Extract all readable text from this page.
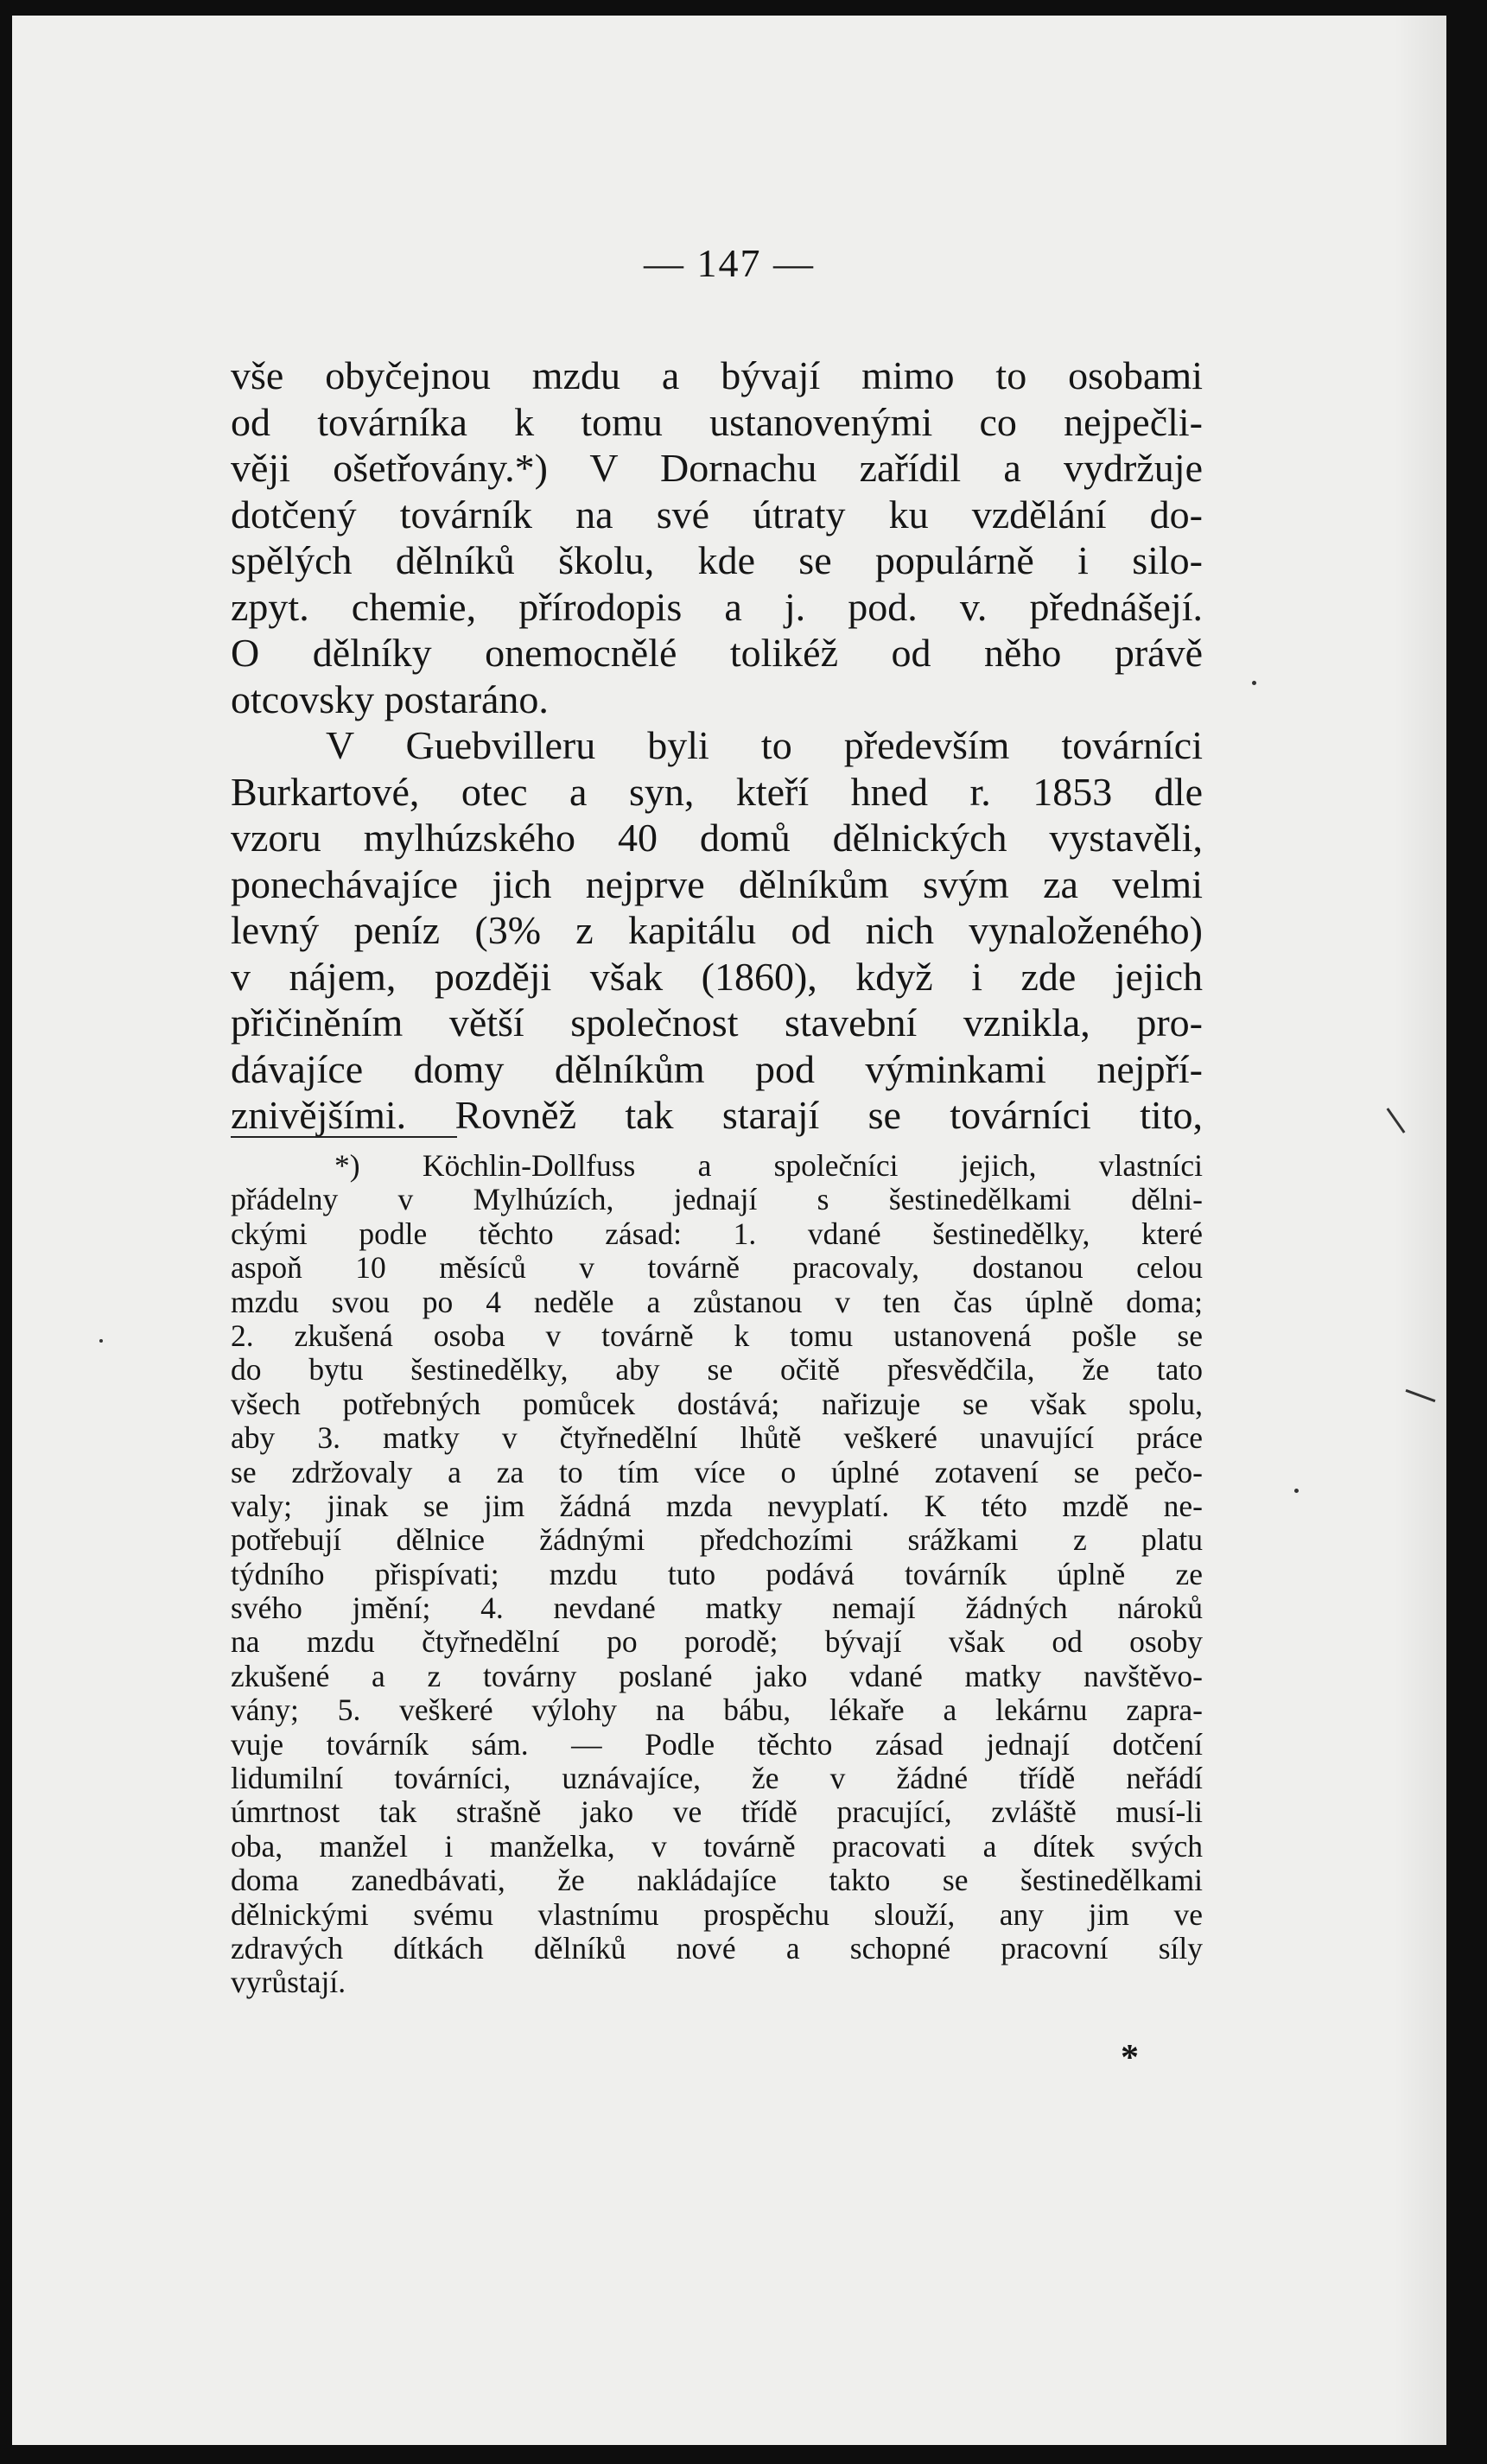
— 147 —
vše obyčejnou mzdu a bývají mimo to osobami
od továrníka k tomu ustanovenými co nejpečli-
věji ošetřovány.*) V Dornachu zařídil a vydržuje
dotčený továrník na své útraty ku vzdělání do-
spělých dělníků školu, kde se populárně i silo-
zpyt. chemie, přírodopis a j. pod. v. přednášejí.
O dělníky onemocnělé tolikéž od něho právě
otcovsky postaráno.
V Guebvilleru byli to především továrníci
Burkartové, otec a syn, kteří hned r. 1853 dle
vzoru mylhúzského 40 domů dělnických vystavěli,
ponechávajíce jich nejprve dělníkům svým za velmi
levný peníz (3% z kapitálu od nich vynaloženého)
v nájem, později však (1860), když i zde jejich
přičiněním větší společnost stavební vznikla, pro-
dávajíce domy dělníkům pod výminkami nejpří-
znivějšími. Rovněž tak starají se továrníci tito,
*) Köchlin-Dollfuss a společníci jejich, vlastníci
přádelny v Mylhúzích, jednají s šestinedělkami dělni-
ckými podle těchto zásad: 1. vdané šestinedělky, které
aspoň 10 měsíců v továrně pracovaly, dostanou celou
mzdu svou po 4 neděle a zůstanou v ten čas úplně doma;
2. zkušená osoba v továrně k tomu ustanovená pošle se
do bytu šestinedělky, aby se očitě přesvědčila, že tato
všech potřebných pomůcek dostává; nařizuje se však spolu,
aby 3. matky v čtyřnedělní lhůtě veškeré unavující práce
se zdržovaly a za to tím více o úplné zotavení se pečo-
valy; jinak se jim žádná mzda nevyplatí. K této mzdě ne-
potřebují dělnice žádnými předchozími srážkami z platu
týdního přispívati; mzdu tuto podává továrník úplně ze
svého jmění; 4. nevdané matky nemají žádných nároků
na mzdu čtyřnedělní po porodě; bývají však od osoby
zkušené a z továrny poslané jako vdané matky navštěvo-
vány; 5. veškeré výlohy na bábu, lékaře a lekárnu zapra-
vuje továrník sám. — Podle těchto zásad jednají dotčení
lidumilní továrníci, uznávajíce, že v žádné třídě neřádí
úmrtnost tak strašně jako ve třídě pracující, zvláště musí-li
oba, manžel i manželka, v továrně pracovati a dítek svých
doma zanedbávati, že nakládajíce takto se šestinedělkami
dělnickými svému vlastnímu prospěchu slouží, any jim ve
zdravých dítkách dělníků nové a schopné pracovní síly
vyrůstají.
*
